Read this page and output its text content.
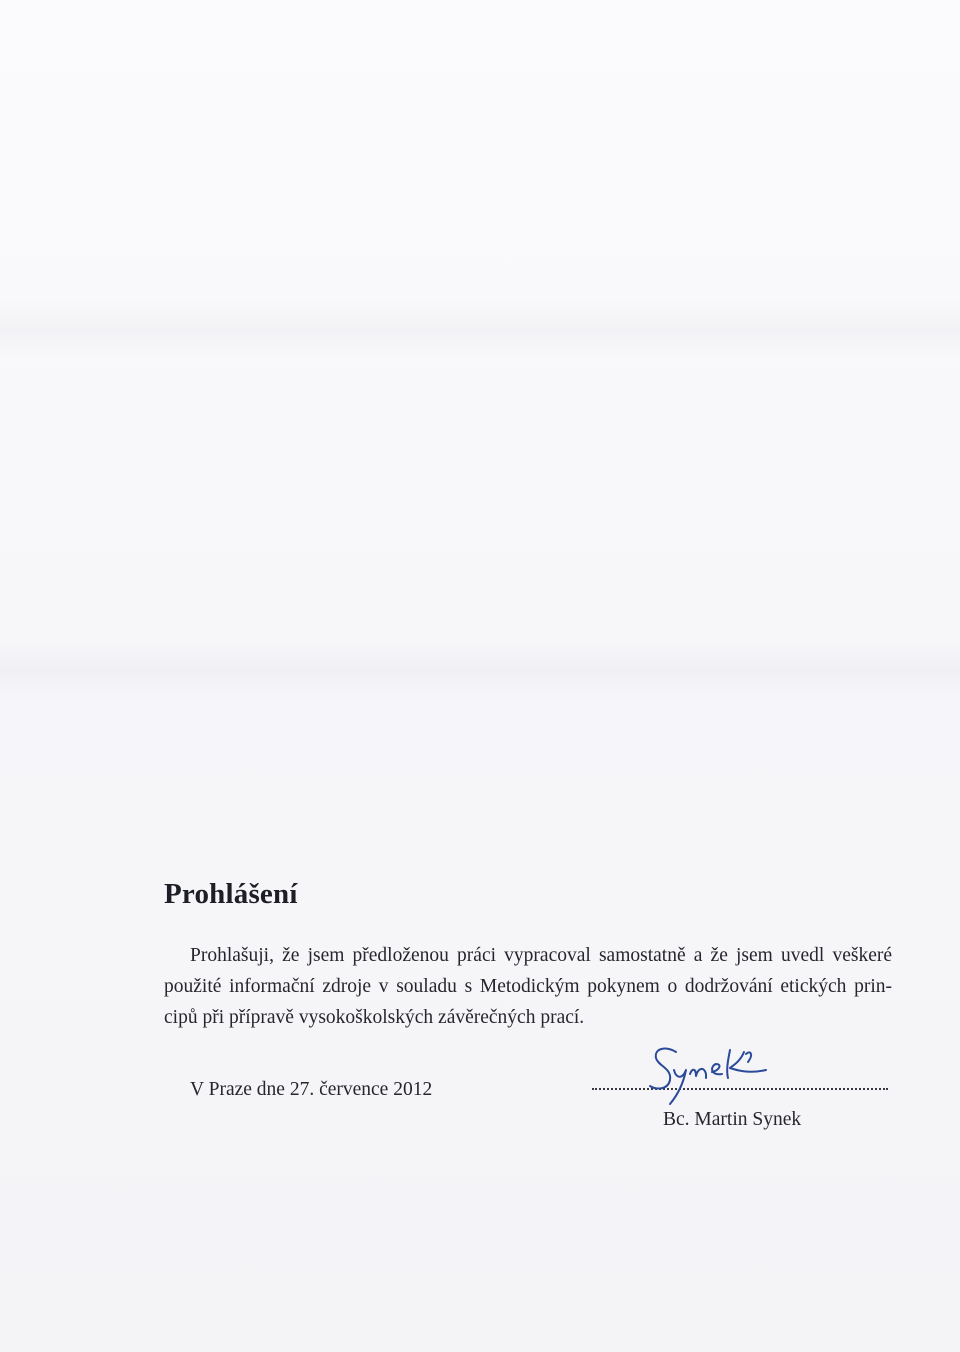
Prohlášení

Prohlašuji, že jsem předloženou práci vypracoval samostatně a že jsem uvedl veškeré
použité informační zdroje v souladu s Metodickým pokynem o dodržování etických prin-
cipů při přípravě vysokoškolských závěrečných prací.

V Praze dne 27. července 2012
Bc. Martin Synek
